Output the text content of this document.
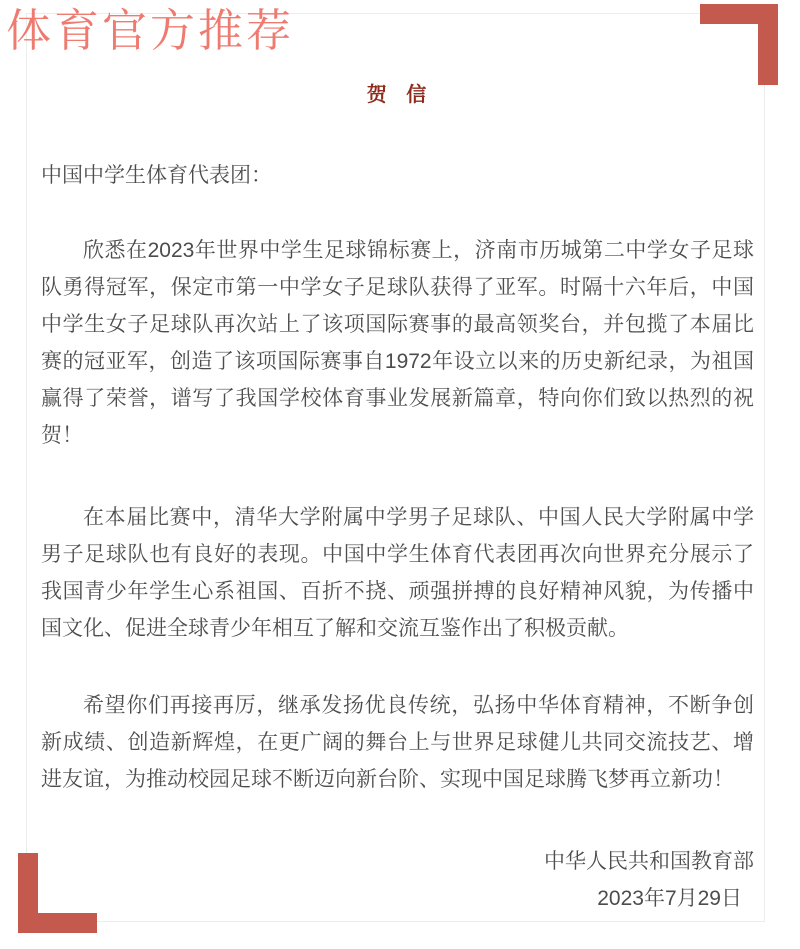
贺 信

中国中学生体育代表团：

欣悉在2023年世界中学生足球锦标赛上，济南市历城第二中学女子足球队勇得冠军，保定市第一中学女子足球队获得了亚军。时隔十六年后，中国中学生女子足球队再次站上了该项国际赛事的最高领奖台，并包揽了本届比赛的冠亚军，创造了该项国际赛事自1972年设立以来的历史新纪录，为祖国赢得了荣誉，谱写了我国学校体育事业发展新篇章，特向你们致以热烈的祝贺！

在本届比赛中，清华大学附属中学男子足球队、中国人民大学附属中学男子足球队也有良好的表现。中国中学生体育代表团再次向世界充分展示了我国青少年学生心系祖国、百折不挠、顽强拼搏的良好精神风貌，为传播中国文化、促进全球青少年相互了解和交流互鉴作出了积极贡献。

希望你们再接再厉，继承发扬优良传统，弘扬中华体育精神，不断争创新成绩、创造新辉煌，在更广阔的舞台上与世界足球健儿共同交流技艺、增进友谊，为推动校园足球不断迈向新台阶、实现中国足球腾飞梦再立新功！

中华人民共和国教育部

2023年7月29日

体育官方推荐
